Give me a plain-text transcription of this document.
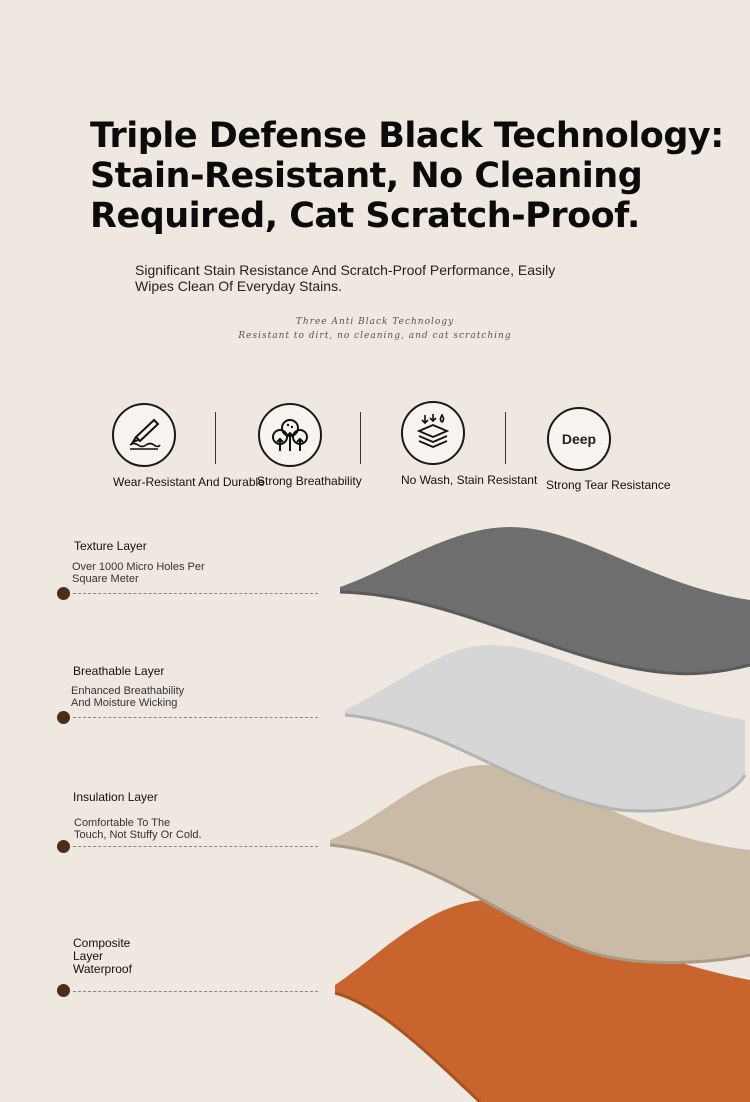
Triple Defense Black Technology:
Stain-Resistant, No Cleaning
Required, Cat Scratch-Proof.
Significant Stain Resistance And Scratch-Proof Performance, Easily
Wipes Clean Of Everyday Stains.
Three Anti Black Technology
Resistant to dirt, no cleaning, and cat scratching
Deep
Wear-Resistant And Durable
Strong Breathability	No Wash, Stain Resistant Strong Tear Resistance
Texture Layer
Over 1000 Micro Holes Per
Square Meter
Breathable Layer
Enhanced Breathability
And Moisture Wicking
Insulation Layer
Comfortable To The
Touch, Not Stuffy Or Cold.
Composite
Layer
Waterproof
